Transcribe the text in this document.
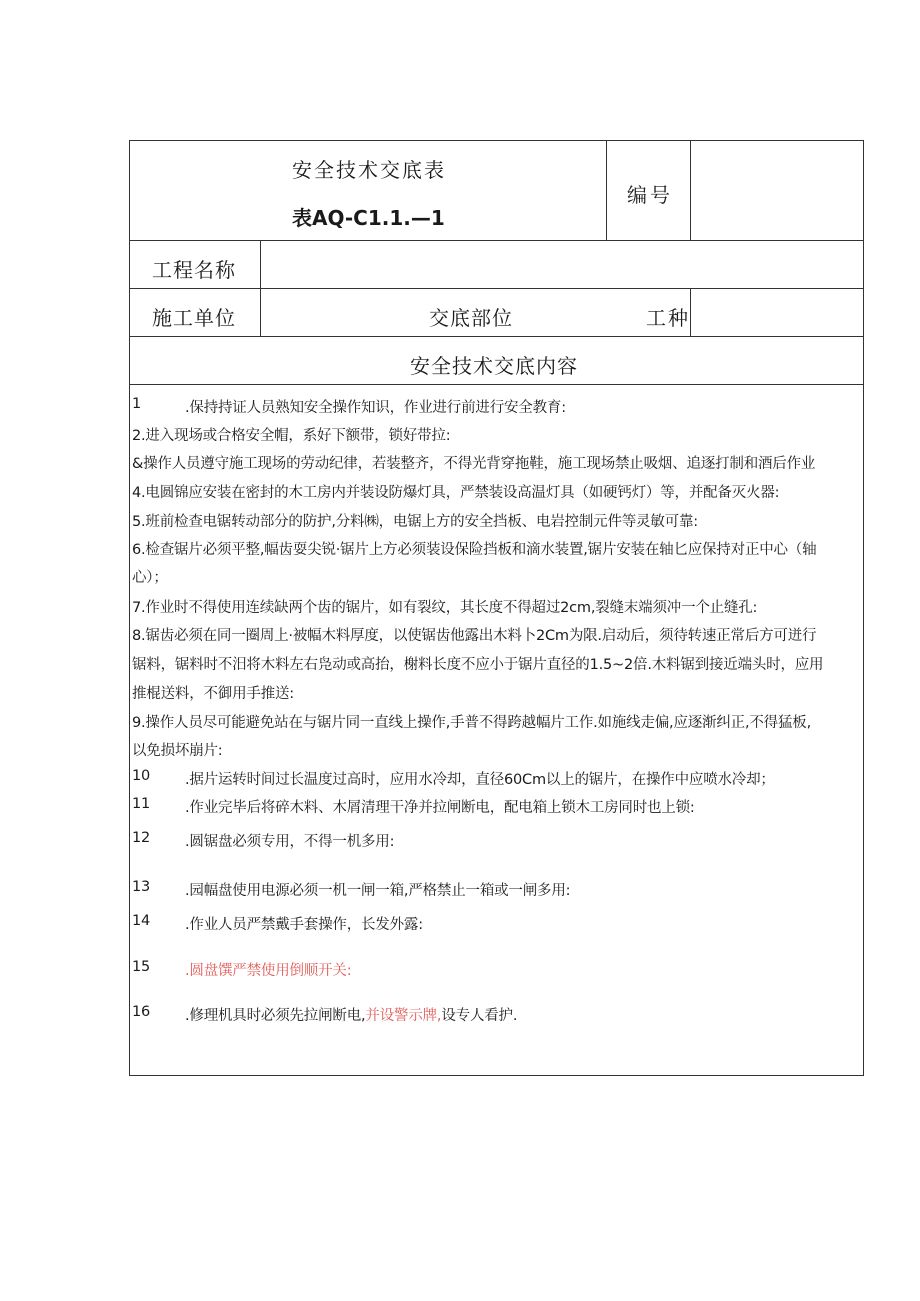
安全技术交底表
表AQ-C1.1.—1
编号
工程名称
施工单位	交底部位	工种
安全技术交底内容
1	.保持持证人员熟知安全操作知识，作业进行前进行安全教育:
2.进入现场或合格安全帽，系好下额带，锁好带拉:
&操作人员遵守施工现场的劳动纪律，若装整齐，不得光背穿拖鞋，施工现场禁止吸烟、追逐打制和酒后作业
4.电圆锦应安装在密封的木工房内并装设防爆灯具，严禁装设高温灯具（如硬钙灯）等，并配备灭火器:
5.班前检查电锯转动部分的防护,分料㈱，电锯上方的安全挡板、电岩控制元件等灵敏可靠:
6.检查锯片必须平整,幅齿耍尖锐·锯片上方必须装设保险挡板和滴水装置,锯片安装在轴匕应保持对正中心（轴
心）；
7.作业时不得使用连续缺两个齿的锯片，如有裂纹，其长度不得超过2cm,裂缝末端须冲一个止缝孔:
8.锯齿必须在同一圈周上·被幅木料厚度，以使锯齿他露出木料卜2Cm为限.启动后，须待转速正常后方可迸行
锯料，锯料时不汨将木料左右凫动或高抬，榭料长度不应小于锯片直径的1.5~2倍.木料锯到接近端头时，应用
推棍送料，不御用手推送:
9.操作人员尽可能避免站在与锯片同一直线上操作,手普不得跨越幅片工作.如施线走偏,应逐渐纠正,不得猛板,
以免损坏崩片:
10 .据片运转时间过长温度过高时，应用水冷却，直径60Cm以上的锯片，在操作中应喷水冷却；
11 .作业完毕后将碎木料、木屑清理干净并拉闸断电，配电箱上锁木工房同时也上锁:
12 .圆锯盘必须专用，不得一机多用:
13 .园幅盘使用电源必须一机一闸一箱,严格禁止一箱或一闸多用:
14 .作业人员严禁戴手套操作，长发外露:
15 .圆盘馔严禁使用倒顺开关:
16 .修理机具时必须先拉闸断电,并设警示牌,设专人看护.
